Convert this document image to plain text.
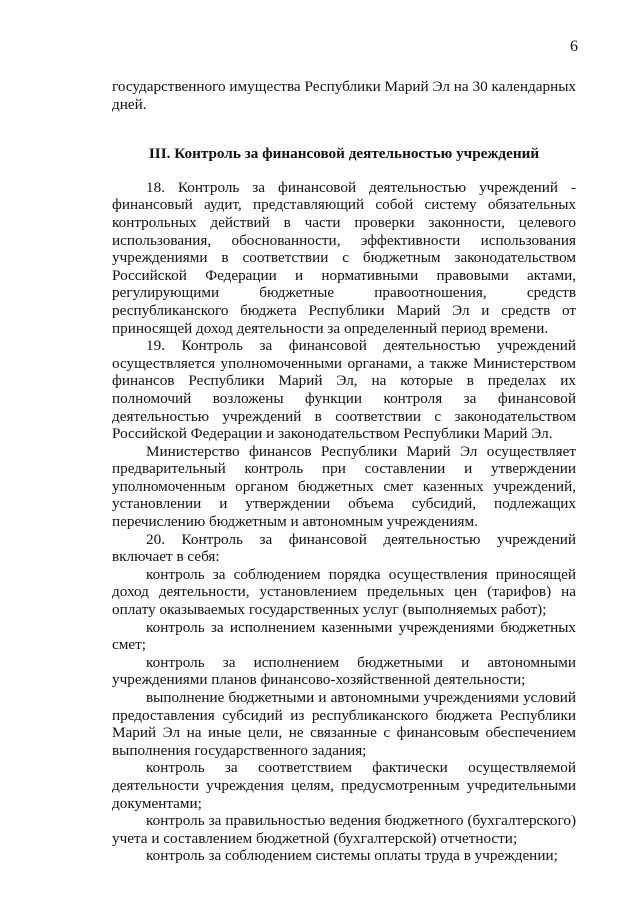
6

государственного имущества Республики Марий Эл на 30 календарных дней.

III. Контроль за финансовой деятельностью учреждений

18. Контроль за финансовой деятельностью учреждений - финансовый аудит, представляющий собой систему обязательных контрольных действий в части проверки законности, целевого использования, обоснованности, эффективности использования учреждениями в соответствии с бюджетным законодательством Российской Федерации и нормативными правовыми актами, регулирующими бюджетные правоотношения, средств республиканского бюджета Республики Марий Эл и средств от приносящей доход деятельности за определенный период времени.

19. Контроль за финансовой деятельностью учреждений осуществляется уполномоченными органами, а также Министерством финансов Республики Марий Эл, на которые в пределах их полномочий возложены функции контроля за финансовой деятельностью учреждений в соответствии с законодательством Российской Федерации и законодательством Республики Марий Эл.

Министерство финансов Республики Марий Эл осуществляет предварительный контроль при составлении и утверждении уполномоченным органом бюджетных смет казенных учреждений, установлении и утверждении объема субсидий, подлежащих перечислению бюджетным и автономным учреждениям.

20. Контроль за финансовой деятельностью учреждений включает в себя:

контроль за соблюдением порядка осуществления приносящей доход деятельности, установлением предельных цен (тарифов) на оплату оказываемых государственных услуг (выполняемых работ);

контроль за исполнением казенными учреждениями бюджетных смет;

контроль за исполнением бюджетными и автономными учреждениями планов финансово-хозяйственной деятельности;

выполнение бюджетными и автономными учреждениями условий предоставления субсидий из республиканского бюджета Республики Марий Эл на иные цели, не связанные с финансовым обеспечением выполнения государственного задания;

контроль за соответствием фактически осуществляемой деятельности учреждения целям, предусмотренным учредительными документами;

контроль за правильностью ведения бюджетного (бухгалтерского) учета и составлением бюджетной (бухгалтерской) отчетности;

контроль за соблюдением системы оплаты труда в учреждении;
